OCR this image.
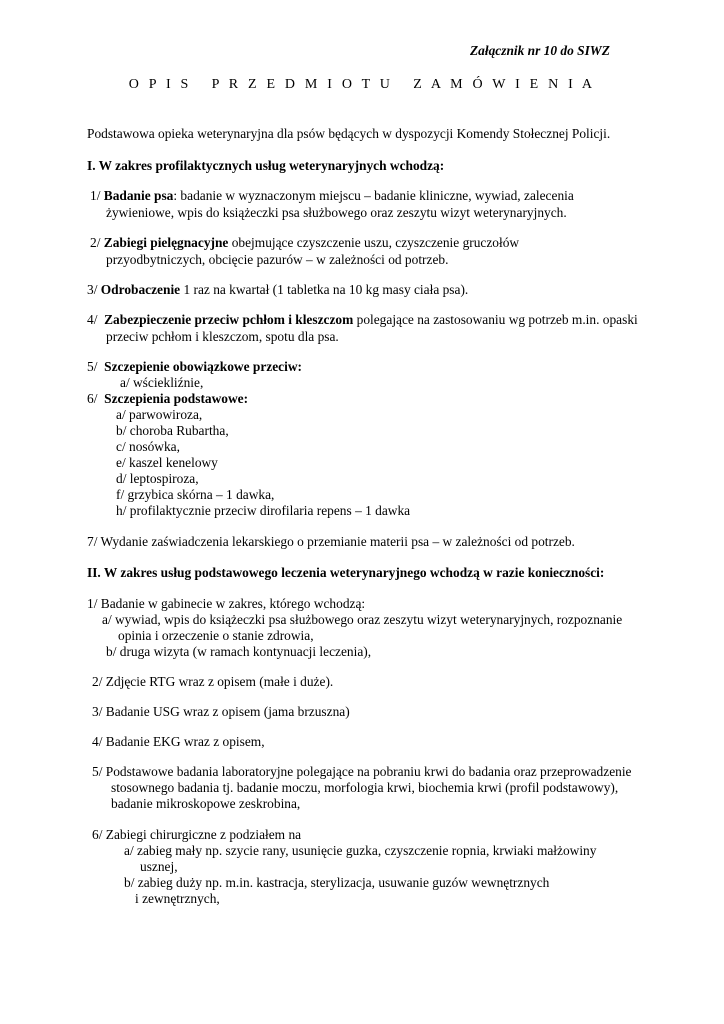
Załącznik nr 10 do SIWZ
O P I S   P R Z E D M I O T U   Z A M Ó W I E N I A
Podstawowa opieka weterynaryjna dla psów będących w dyspozycji Komendy Stołecznej Policji.
I. W zakres profilaktycznych usług weterynaryjnych wchodzą:
1/ Badanie psa: badanie w wyznaczonym miejscu – badanie kliniczne, wywiad, zalecenia
żywieniowe, wpis do książeczki psa służbowego oraz zeszytu wizyt weterynaryjnych.
2/ Zabiegi pielęgnacyjne obejmujące czyszczenie uszu, czyszczenie gruczołów
przyodbytniczych, obcięcie pazurów – w zależności od potrzeb.
3/ Odrobaczenie 1 raz na kwartał (1 tabletka na 10 kg masy ciała psa).
4/  Zabezpieczenie przeciw pchłom i kleszczom polegające na zastosowaniu wg potrzeb m.in. opaski
przeciw pchłom i kleszczom, spotu dla psa.
5/  Szczepienie obowiązkowe przeciw:
a/ wściekliźnie,
6/  Szczepienia podstawowe:
a/ parwowiroza,
b/ choroba Rubartha,
c/ nosówka,
e/ kaszel kenelowy
d/ leptospiroza,
f/ grzybica skórna – 1 dawka,
h/ profilaktycznie przeciw dirofilaria repens – 1 dawka
7/ Wydanie zaświadczenia lekarskiego o przemianie materii psa – w zależności od potrzeb.
II. W zakres usług podstawowego leczenia weterynaryjnego wchodzą w razie konieczności:
1/ Badanie w gabinecie w zakres, którego wchodzą:
a/ wywiad, wpis do książeczki psa służbowego oraz zeszytu wizyt weterynaryjnych, rozpoznanie
opinia i orzeczenie o stanie zdrowia,
b/ druga wizyta (w ramach kontynuacji leczenia),
2/ Zdjęcie RTG wraz z opisem (małe i duże).
3/ Badanie USG wraz z opisem (jama brzuszna)
4/ Badanie EKG wraz z opisem,
5/ Podstawowe badania laboratoryjne polegające na pobraniu krwi do badania oraz przeprowadzenie
stosownego badania tj. badanie moczu, morfologia krwi, biochemia krwi (profil podstawowy),
badanie mikroskopowe zeskrobina,
6/ Zabiegi chirurgiczne z podziałem na
a/ zabieg mały np. szycie rany, usunięcie guzka, czyszczenie ropnia, krwiaki małżowiny
usznej,
b/ zabieg duży np. m.in. kastracja, sterylizacja, usuwanie guzów wewnętrznych
i zewnętrznych,
